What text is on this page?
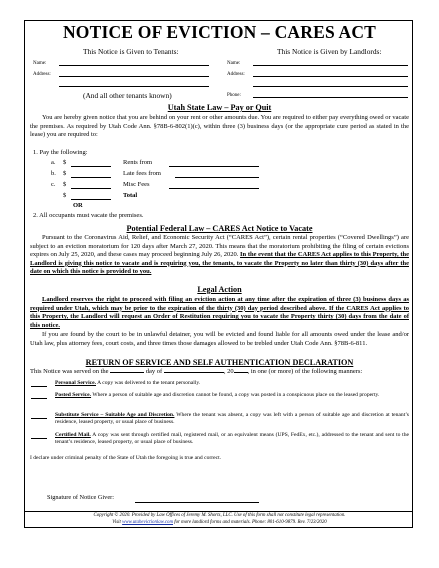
NOTICE OF EVICTION – CARES ACT
This Notice is Given to Tenants:	This Notice is Given by Landlords:
Name:	Name:
Address:	Address:
Phone:
(And all other tenants known)
Utah State Law – Pay or Quit
You are hereby given notice that you are behind on your rent or other amounts due. You are required to either pay everything owed or vacate the premises. As required by Utah Code Ann. §78B-6-802(1)(c), within three (3) business days (or the appropriate cure period as stated in the lease) you are required to:
1. Pay the following:
a. $	Rents from
b. $	Late fees from
c. $	Misc Fees
$	Total
OR
2. All occupants must vacate the premises.
Potential Federal Law – CARES Act Notice to Vacate
Pursuant to the Coronavirus Aid, Relief, and Economic Security Act (“CARES Act”), certain rental properties (“Covered Dwellings”) are subject to an eviction moratorium for 120 days after March 27, 2020. This means that the moratorium prohibiting the filing of certain evictions expires on July 25, 2020, and these cases may proceed beginning July 26, 2020. In the event that the CARES Act applies to this Property, the Landlord is giving this notice to vacate and is requiring you, the tenants, to vacate the Property no later than thirty (30) days after the date on which this notice is provided to you.
Legal Action
Landlord reserves the right to proceed with filing an eviction action at any time after the expiration of three (3) business days as required under Utah, which may be prior to the expiration of the thirty (30) day period described above. If the CARES Act applies to this Property, the Landlord will request an Order of Restitution requiring you to vacate the Property thirty (30) days from the date of this notice.
If you are found by the court to be in unlawful detainer, you will be evicted and found liable for all amounts owed under the lease and/or Utah law, plus attorney fees, court costs, and three times those damages allowed to be trebled under Utah Code Ann. §78B-6-811.
RETURN OF SERVICE AND SELF AUTHENTICATION DECLARATION
This Notice was served on the	day of	, 20 , in one (or more) of the following manners:
Personal Service. A copy was delivered to the tenant personally.
Posted Service. Where a person of suitable age and discretion cannot be found, a copy was posted in a conspicuous place on the leased property.
Substitute Service – Suitable Age and Discretion. Where the tenant was absent, a copy was left with a person of suitable age and discretion at tenant’s residence, leased property, or usual place of business.
Certified Mail. A copy was sent through certified mail, registered mail, or an equivalent means (UPS, FedEx, etc.), addressed to the tenant and sent to the tenant’s residence, leased property, or usual place of business.
I declare under criminal penalty of the State of Utah the foregoing is true and correct.
Signature of Notice Giver:
Copyright © 2020. Provided by Law Offices of Jeremy M. Shorts, LLC. Use of this form shall not constitute legal representation.
Visit www.utahevictionlaw.com for more landlord forms and materials. Phone: 801-610-9879. Rev. 7/23/2020
